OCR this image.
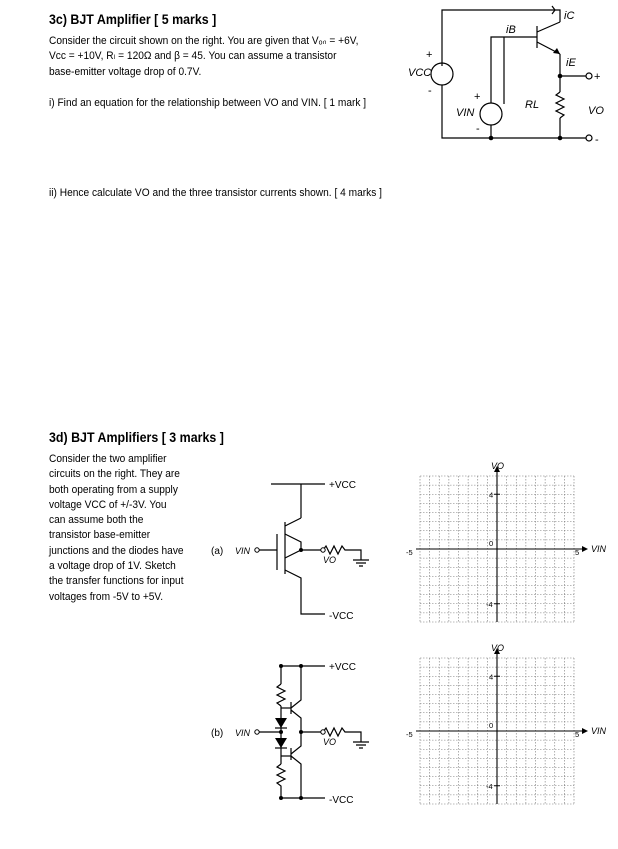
3c) BJT Amplifier [ 5 marks ]
Consider the circuit shown on the right. You are given that Vₒₙ = +6V,
Vᴄᴄ = +10V, Rₗ = 120Ω and β = 45. You can assume a transistor
base-emitter voltage drop of 0.7V.
i) Find an equation for the relationship between VO and VIN. [ 1 mark ]
ii) Hence calculate VO and the three transistor currents shown. [ 4 marks ]
iC
iB
iE
VCC
+
-
VIN
+
-
RL	VO
+
-
3d) BJT Amplifiers [ 3 marks ]
Consider the two amplifier
circuits on the right. They are
both operating from a supply
voltage VCC of +/-3V. You
can assume both the
transistor base-emitter
junctions and the diodes have
a voltage drop of 1V. Sketch
the transfer functions for input
voltages from -5V to +5V.
(a) VIN
+VCC
-VCC
VO
(b) VIN
+VCC
-VCC
VO
VO
VIN
4
-4
-5	5
0
VO
VIN
4
-4
-5	5
0
